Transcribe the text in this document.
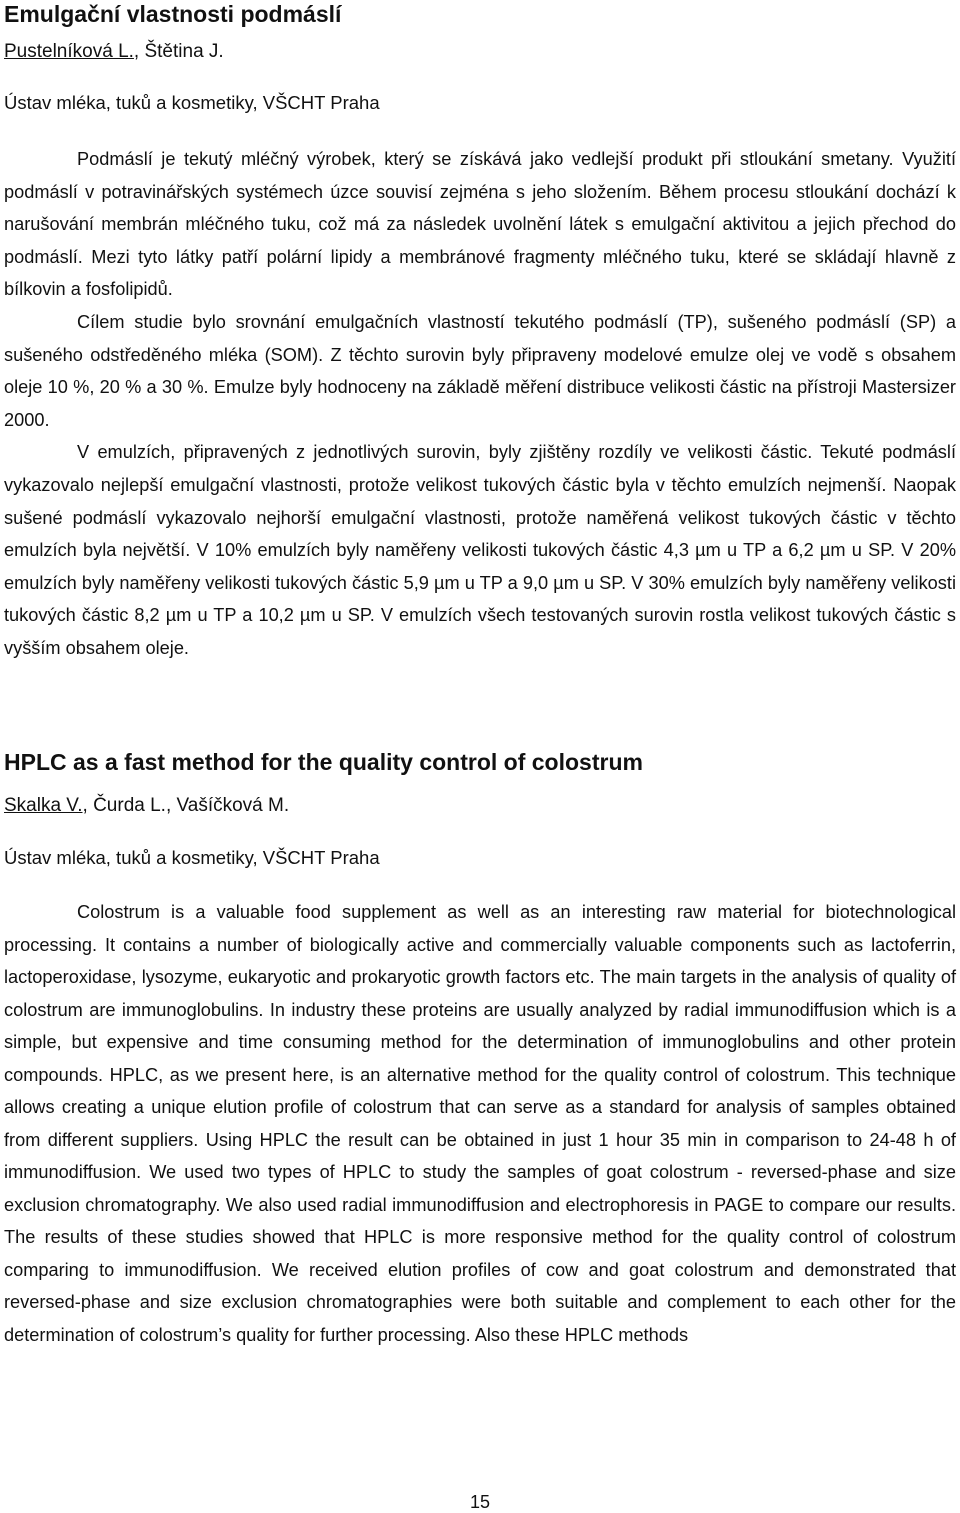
Emulgační vlastnosti podmáslí
Pustelníková L., Štětina J.
Ústav mléka, tuků a kosmetiky, VŠCHT Praha
Podmáslí je tekutý mléčný výrobek, který se získává jako vedlejší produkt při stloukání smetany. Využití podmáslí v potravinářských systémech úzce souvisí zejména s jeho složením. Během procesu stloukání dochází k narušování membrán mléčného tuku, což má za následek uvolnění látek s emulgační aktivitou a jejich přechod do podmáslí. Mezi tyto látky patří polární lipidy a membránové fragmenty mléčného tuku, které se skládají hlavně z bílkovin a fosfolipidů.
Cílem studie bylo srovnání emulgačních vlastností tekutého podmáslí (TP), sušeného podmáslí (SP) a sušeného odstředěného mléka (SOM). Z těchto surovin byly připraveny modelové emulze olej ve vodě s obsahem oleje 10 %, 20 % a 30 %. Emulze byly hodnoceny na základě měření distribuce velikosti částic na přístroji Mastersizer 2000.
V emulzích, připravených z jednotlivých surovin, byly zjištěny rozdíly ve velikosti částic. Tekuté podmáslí vykazovalo nejlepší emulgační vlastnosti, protože velikost tukových částic byla v těchto emulzích nejmenší. Naopak sušené podmáslí vykazovalo nejhorší emulgační vlastnosti, protože naměřená velikost tukových částic v těchto emulzích byla největší. V 10% emulzích byly naměřeny velikosti tukových částic 4,3 µm u TP a 6,2 µm u SP. V 20% emulzích byly naměřeny velikosti tukových částic 5,9 µm u TP a 9,0 µm u SP. V 30% emulzích byly naměřeny velikosti tukových částic 8,2 µm u TP a 10,2 µm u SP. V emulzích všech testovaných surovin rostla velikost tukových částic s vyšším obsahem oleje.
HPLC as a fast method for the quality control of colostrum
Skalka V., Čurda L., Vašíčková M.
Ústav mléka, tuků a kosmetiky, VŠCHT Praha
Colostrum is a valuable food supplement as well as an interesting raw material for biotechnological processing. It contains a number of biologically active and commercially valuable components such as lactoferrin, lactoperoxidase, lysozyme, eukaryotic and prokaryotic growth factors etc. The main targets in the analysis of quality of colostrum are immunoglobulins. In industry these proteins are usually analyzed by radial immunodiffusion which is a simple, but expensive and time consuming method for the determination of immunoglobulins and other protein compounds. HPLC, as we present here, is an alternative method for the quality control of colostrum. This technique allows creating a unique elution profile of colostrum that can serve as a standard for analysis of samples obtained from different suppliers. Using HPLC the result can be obtained in just 1 hour 35 min in comparison to 24-48 h of immunodiffusion. We used two types of HPLC to study the samples of goat colostrum - reversed-phase and size exclusion chromatography. We also used radial immunodiffusion and electrophoresis in PAGE to compare our results. The results of these studies showed that HPLC is more responsive method for the quality control of colostrum comparing to immunodiffusion. We received elution profiles of cow and goat colostrum and demonstrated that reversed-phase and size exclusion chromatographies were both suitable and complement to each other for the determination of colostrum’s quality for further processing. Also these HPLC methods
15
